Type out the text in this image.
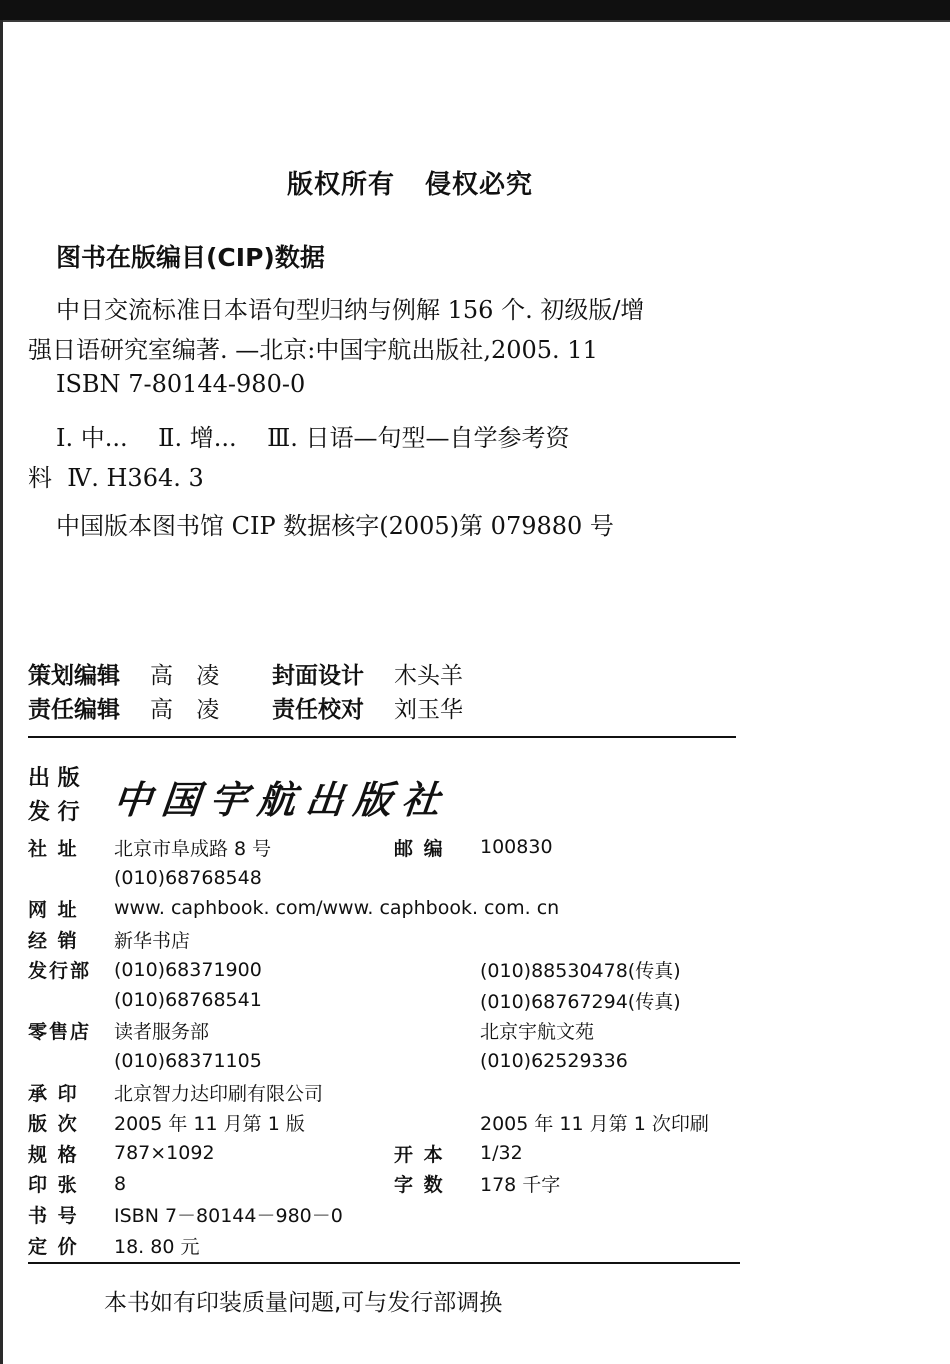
版权所有 侵权必究
图书在版编目(CIP)数据
中日交流标准日本语句型归纳与例解 156 个. 初级版/增
强日语研究室编著. —北京:中国宇航出版社,2005. 11
ISBN 7-80144-980-0
Ⅰ. 中...    Ⅱ. 增...    Ⅲ. 日语—句型—自学参考资
料  Ⅳ. H364. 3
中国版本图书馆 CIP 数据核字(2005)第 079880 号
策划编辑	高 凌	封面设计	木头羊
责任编辑	高 凌	责任校对	刘玉华
出 版
发 行 中国宇航出版社
社 址	北京市阜成路 8 号	邮 编	100830
(010)68768548
网 址	www. caphbook. com/www. caphbook. com. cn
经 销	新华书店
发行部	(010)68371900	(010)88530478(传真)
(010)68768541	(010)68767294(传真)
零售店	读者服务部	北京宇航文苑
(010)68371105	(010)62529336
承 印	北京智力达印刷有限公司
版 次	2005 年 11 月第 1 版	2005 年 11 月第 1 次印刷
规 格	787×1092	开 本	1/32
印 张	8	字 数	178 千字
书 号	ISBN 7－80144－980－0
定 价	18. 80 元
本书如有印装质量问题,可与发行部调换
